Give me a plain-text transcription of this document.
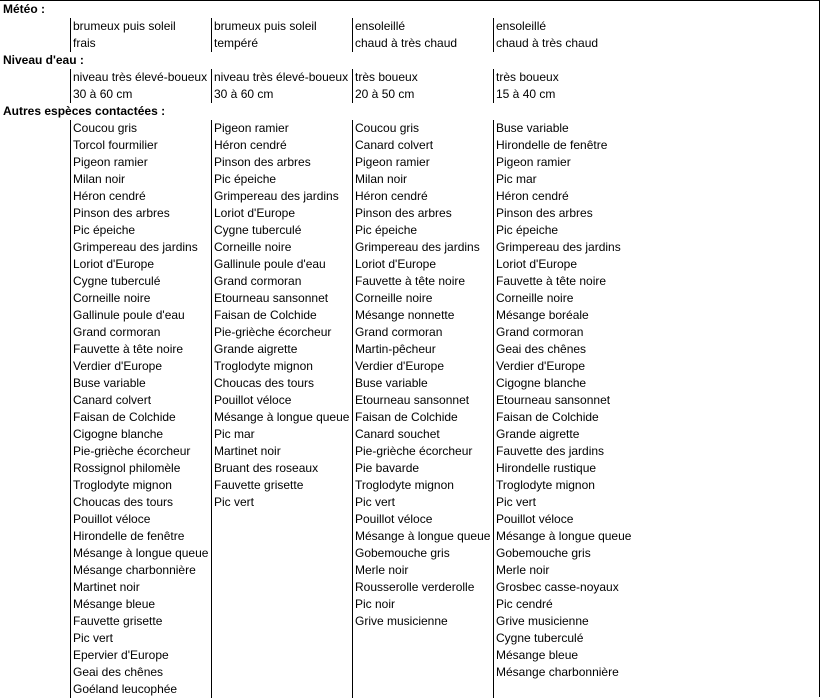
Météo :
Niveau d'eau :
Autres espèces contactées :
brumeux puis soleil
frais
brumeux puis soleil
tempéré
ensoleillé
chaud à très chaud
ensoleillé
chaud à très chaud
niveau très élevé-boueux
30 à 60 cm
niveau très élevé-boueux
30 à 60 cm
très boueux
20 à 50 cm
très boueux
15 à 40 cm
Coucou gris
Torcol fourmilier
Pigeon ramier
Milan noir
Héron cendré
Pinson des arbres
Pic épeiche
Grimpereau des jardins
Loriot d'Europe
Cygne tuberculé
Corneille noire
Gallinule poule d'eau
Grand cormoran
Fauvette à tête noire
Verdier d'Europe
Buse variable
Canard colvert
Faisan de Colchide
Cigogne blanche
Pie-grièche écorcheur
Rossignol philomèle
Troglodyte mignon
Choucas des tours
Pouillot véloce
Hirondelle de fenêtre
Mésange à longue queue
Mésange charbonnière
Martinet noir
Mésange bleue
Fauvette grisette
Pic vert
Epervier d'Europe
Geai des chênes
Goéland leucophée
Pigeon ramier
Héron cendré
Pinson des arbres
Pic épeiche
Grimpereau des jardins
Loriot d'Europe
Cygne tuberculé
Corneille noire
Gallinule poule d'eau
Grand cormoran
Etourneau sansonnet
Faisan de Colchide
Pie-grièche écorcheur
Grande aigrette
Troglodyte mignon
Choucas des tours
Pouillot véloce
Mésange à longue queue
Pic mar
Martinet noir
Bruant des roseaux
Fauvette grisette
Pic vert
Coucou gris
Canard colvert
Pigeon ramier
Milan noir
Héron cendré
Pinson des arbres
Pic épeiche
Grimpereau des jardins
Loriot d'Europe
Fauvette à tête noire
Corneille noire
Mésange nonnette
Grand cormoran
Martin-pêcheur
Verdier d'Europe
Buse variable
Etourneau sansonnet
Faisan de Colchide
Canard souchet
Pie-grièche écorcheur
Pie bavarde
Troglodyte mignon
Pic vert
Pouillot véloce
Mésange à longue queue
Gobemouche gris
Merle noir
Rousserolle verderolle
Pic noir
Grive musicienne
Buse variable
Hirondelle de fenêtre
Pigeon ramier
Pic mar
Héron cendré
Pinson des arbres
Pic épeiche
Grimpereau des jardins
Loriot d'Europe
Fauvette à tête noire
Corneille noire
Mésange boréale
Grand cormoran
Geai des chênes
Verdier d'Europe
Cigogne blanche
Etourneau sansonnet
Faisan de Colchide
Grande aigrette
Fauvette des jardins
Hirondelle rustique
Troglodyte mignon
Pic vert
Pouillot véloce
Mésange à longue queue
Gobemouche gris
Merle noir
Grosbec casse-noyaux
Pic cendré
Grive musicienne
Cygne tuberculé
Mésange bleue
Mésange charbonnière
